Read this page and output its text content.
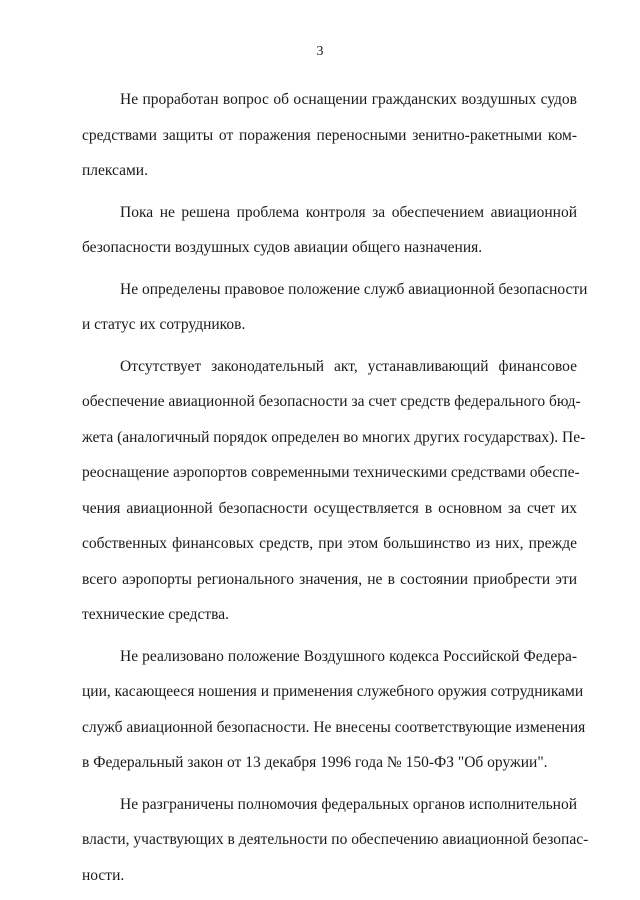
3

Не проработан вопрос об оснащении гражданских воздушных судов
средствами защиты от поражения переносными зенитно-ракетными ком-
плексами.

Пока не решена проблема контроля за обеспечением авиационной
безопасности воздушных судов авиации общего назначения.

Не определены правовое положение служб авиационной безопасности
и статус их сотрудников.

Отсутствует законодательный акт, устанавливающий финансовое
обеспечение авиационной безопасности за счет средств федерального бюд-
жета (аналогичный порядок определен во многих других государствах). Пе-
реоснащение аэропортов современными техническими средствами обеспе-
чения авиационной безопасности осуществляется в основном за счет их
собственных финансовых средств, при этом большинство из них, прежде
всего аэропорты регионального значения, не в состоянии приобрести эти
технические средства.

Не реализовано положение Воздушного кодекса Российской Федера-
ции, касающееся ношения и применения служебного оружия сотрудниками
служб авиационной безопасности. Не внесены соответствующие изменения
в Федеральный закон от 13 декабря 1996 года № 150-ФЗ "Об оружии".

Не разграничены полномочия федеральных органов исполнительной
власти, участвующих в деятельности по обеспечению авиационной безопас-
ности.
